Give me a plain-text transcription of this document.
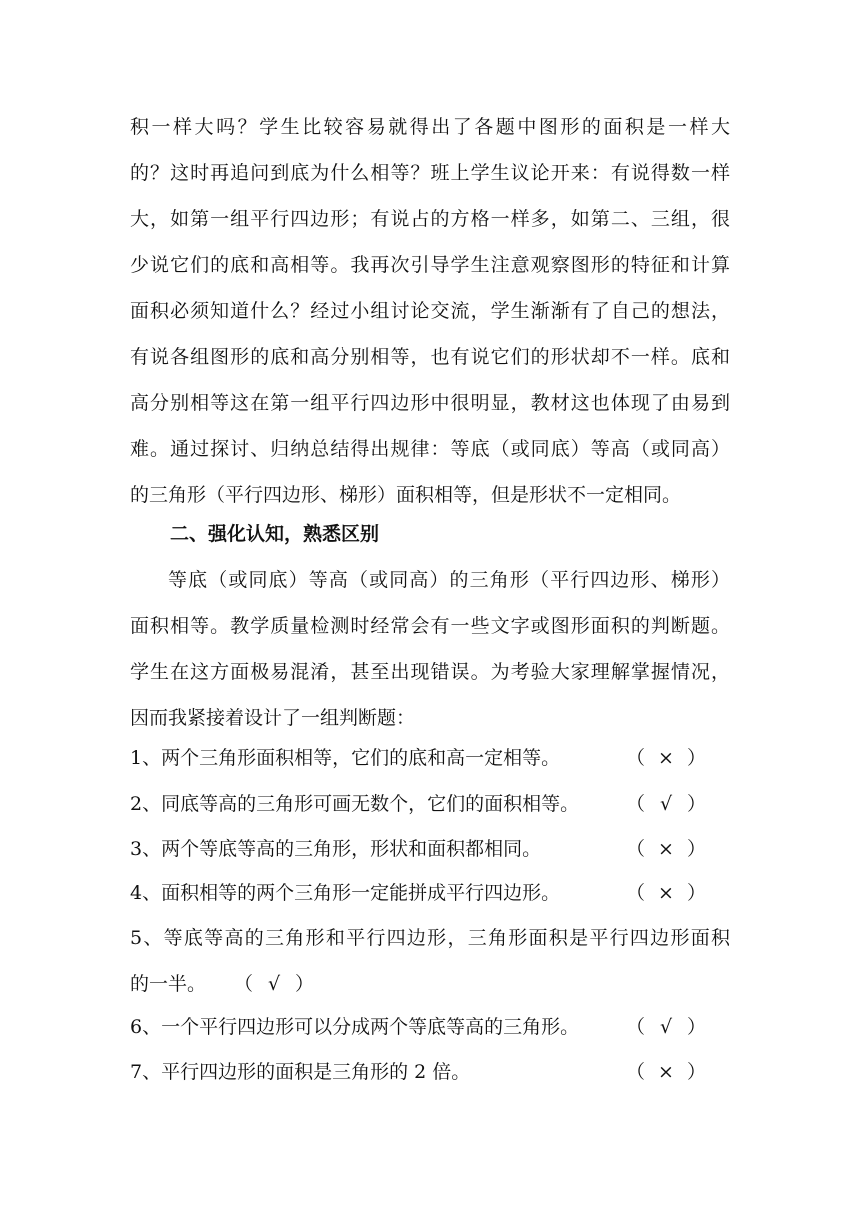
积一样大吗？学生比较容易就得出了各题中图形的面积是一样大
的？这时再追问到底为什么相等？班上学生议论开来：有说得数一样
大，如第一组平行四边形；有说占的方格一样多，如第二、三组，很
少说它们的底和高相等。我再次引导学生注意观察图形的特征和计算
面积必须知道什么？经过小组讨论交流，学生渐渐有了自己的想法，
有说各组图形的底和高分别相等，也有说它们的形状却不一样。底和
高分别相等这在第一组平行四边形中很明显，教材这也体现了由易到
难。通过探讨、归纳总结得出规律：等底（或同底）等高（或同高）
的三角形（平行四边形、梯形）面积相等，但是形状不一定相同。
二、强化认知，熟悉区别
等底（或同底）等高（或同高）的三角形（平行四边形、梯形）
面积相等。教学质量检测时经常会有一些文字或图形面积的判断题。
学生在这方面极易混淆，甚至出现错误。为考验大家理解掌握情况，
因而我紧接着设计了一组判断题：
1、两个三角形面积相等，它们的底和高一定相等。	（ × ）
2、同底等高的三角形可画无数个，它们的面积相等。 （ √ ）
3、两个等底等高的三角形，形状和面积都相同。	（ × ）
4、面积相等的两个三角形一定能拼成平行四边形。	（ × ）
5、等底等高的三角形和平行四边形，三角形面积是平行四边形面积
的一半。 （ √ ）
6、一个平行四边形可以分成两个等底等高的三角形。 （ √ ）
7、平行四边形的面积是三角形的 2 倍。	（ × ）
